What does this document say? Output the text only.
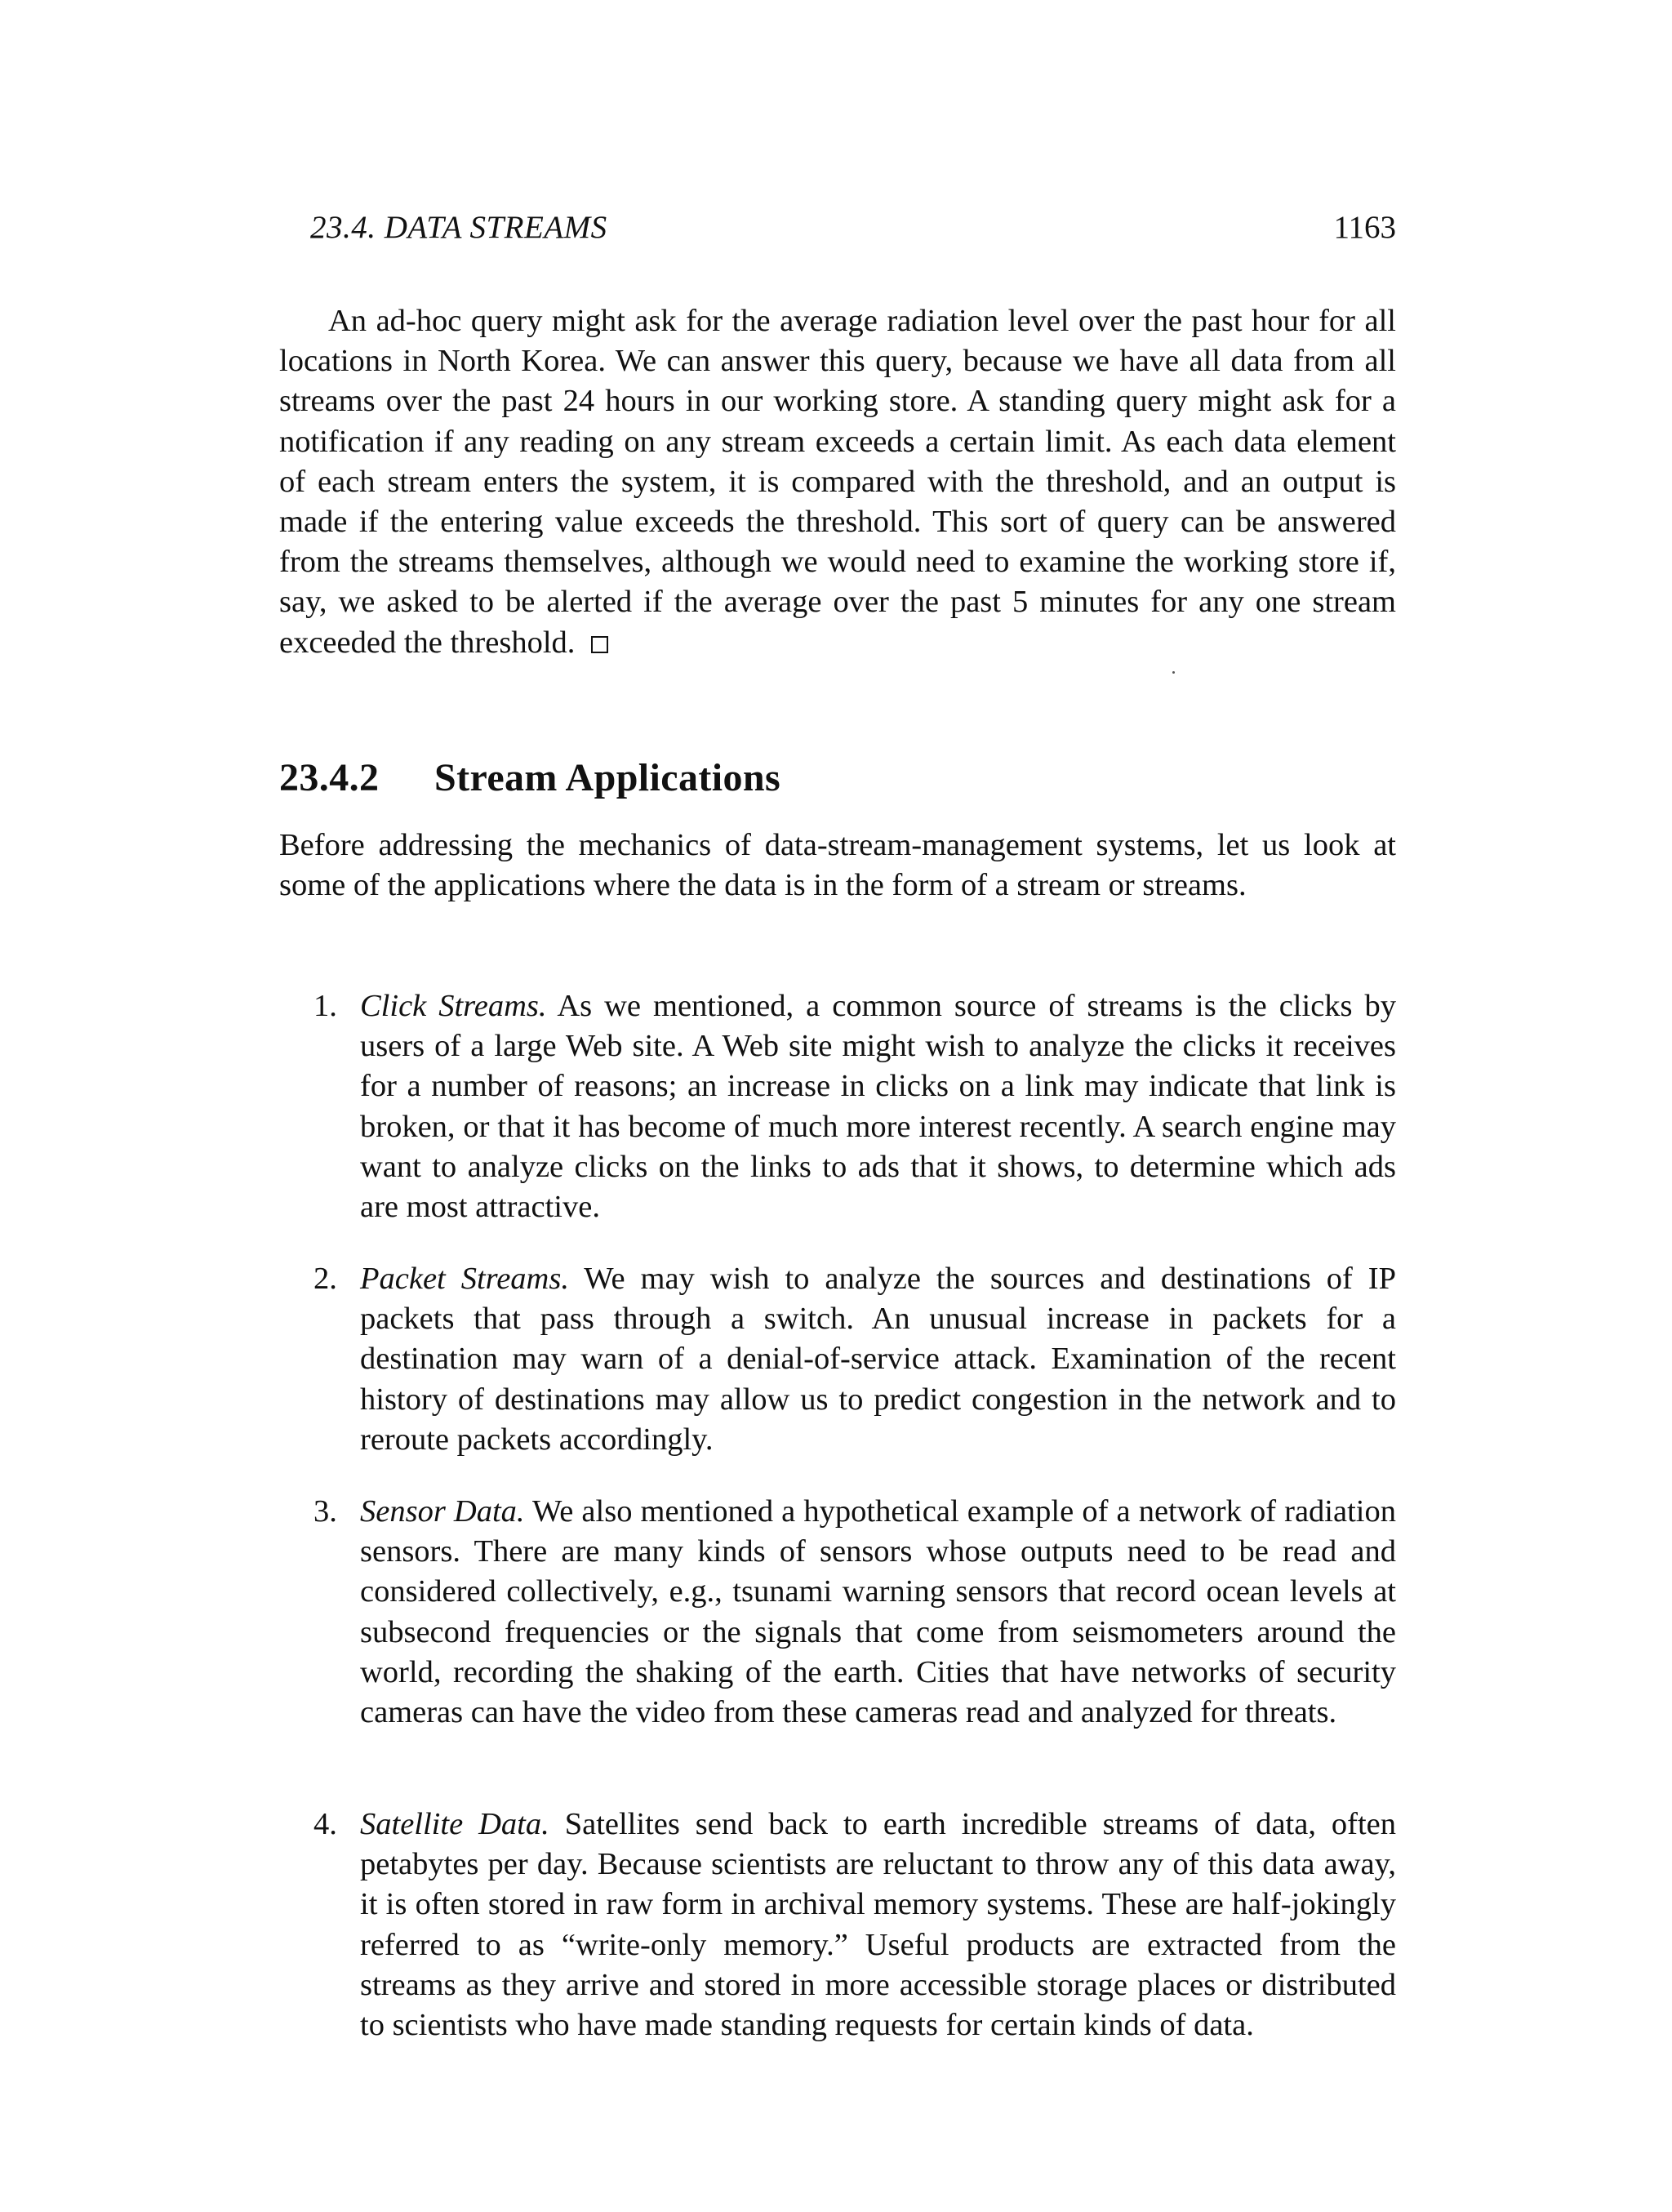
23.4. DATA STREAMS	1163

An ad-hoc query might ask for the average radiation level over the past hour for all locations in North Korea. We can answer this query, because we have all data from all streams over the past 24 hours in our working store. A standing query might ask for a notification if any reading on any stream exceeds a certain limit. As each data element of each stream enters the system, it is compared with the threshold, and an output is made if the entering value exceeds the threshold. This sort of query can be answered from the streams themselves, although we would need to examine the working store if, say, we asked to be alerted if the average over the past 5 minutes for any one stream exceeded the threshold.

23.4.2 Stream Applications

Before addressing the mechanics of data-stream-management systems, let us look at some of the applications where the data is in the form of a stream or streams.

1. Click Streams. As we mentioned, a common source of streams is the clicks by users of a large Web site. A Web site might wish to analyze the clicks it receives for a number of reasons; an increase in clicks on a link may indicate that link is broken, or that it has become of much more interest recently. A search engine may want to analyze clicks on the links to ads that it shows, to determine which ads are most attractive.

2. Packet Streams. We may wish to analyze the sources and destinations of IP packets that pass through a switch. An unusual increase in packets for a destination may warn of a denial-of-service attack. Examination of the recent history of destinations may allow us to predict congestion in the network and to reroute packets accordingly.

3. Sensor Data. We also mentioned a hypothetical example of a network of radiation sensors. There are many kinds of sensors whose outputs need to be read and considered collectively, e.g., tsunami warning sensors that record ocean levels at subsecond frequencies or the signals that come from seismometers around the world, recording the shaking of the earth. Cities that have networks of security cameras can have the video from these cameras read and analyzed for threats.

4. Satellite Data. Satellites send back to earth incredible streams of data, often petabytes per day. Because scientists are reluctant to throw any of this data away, it is often stored in raw form in archival memory systems. These are half-jokingly referred to as “write-only memory.” Useful products are extracted from the streams as they arrive and stored in more accessible storage places or distributed to scientists who have made standing requests for certain kinds of data.
